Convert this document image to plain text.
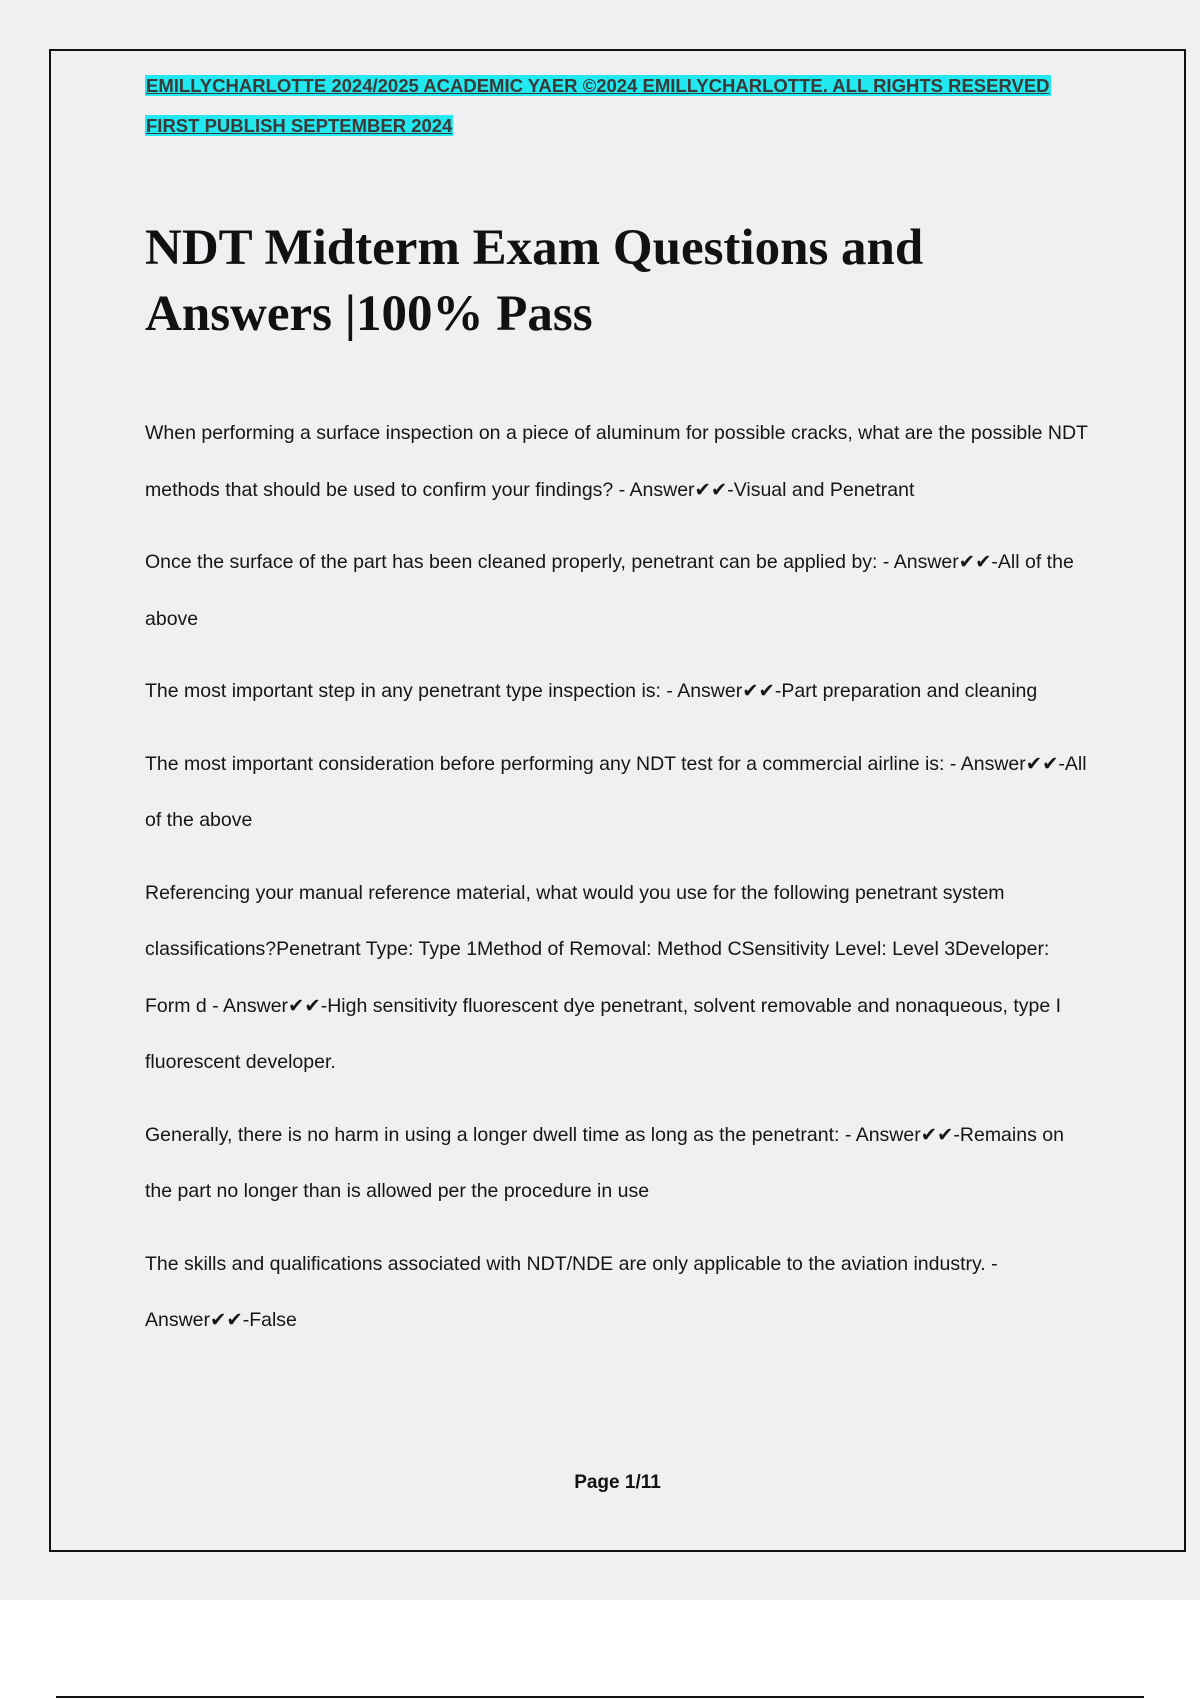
EMILLYCHARLOTTE 2024/2025 ACADEMIC YAER ©2024 EMILLYCHARLOTTE. ALL RIGHTS RESERVED
FIRST PUBLISH SEPTEMBER 2024
NDT Midterm Exam Questions and Answers |100% Pass
When performing a surface inspection on a piece of aluminum for possible cracks, what are the possible NDT methods that should be used to confirm your findings? - Answer✔✔-Visual and Penetrant
Once the surface of the part has been cleaned properly, penetrant can be applied by: - Answer✔✔-All of the above
The most important step in any penetrant type inspection is: - Answer✔✔-Part preparation and cleaning
The most important consideration before performing any NDT test for a commercial airline is: - Answer✔✔-All of the above
Referencing your manual reference material, what would you use for the following penetrant system classifications?Penetrant Type: Type 1Method of Removal: Method CSensitivity Level: Level 3Developer: Form d - Answer✔✔-High sensitivity fluorescent dye penetrant, solvent removable and nonaqueous, type I fluorescent developer.
Generally, there is no harm in using a longer dwell time as long as the penetrant: - Answer✔✔-Remains on the part no longer than is allowed per the procedure in use
The skills and qualifications associated with NDT/NDE are only applicable to the aviation industry. - Answer✔✔-False
Page 1/11
